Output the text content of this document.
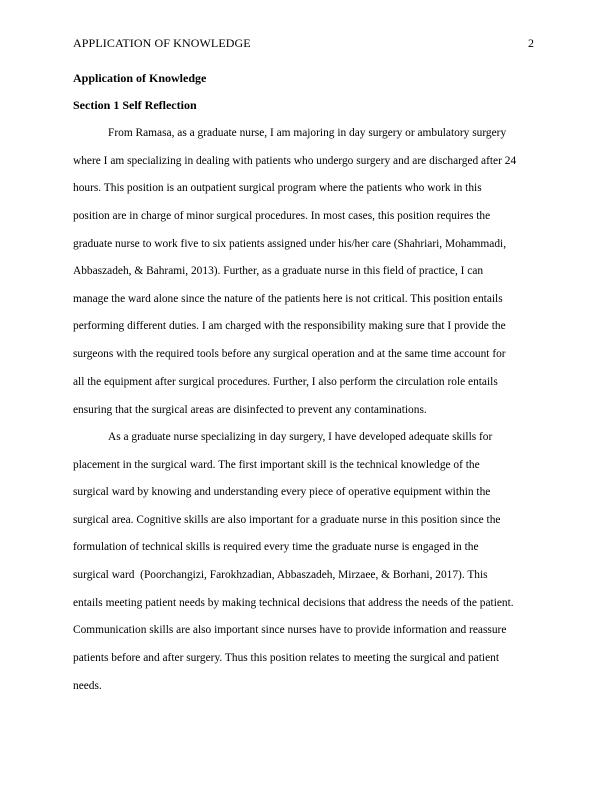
APPLICATION OF KNOWLEDGE	2
Application of Knowledge
Section 1 Self Reflection

From Ramasa, as a graduate nurse, I am majoring in day surgery or ambulatory surgery

where I am specializing in dealing with patients who undergo surgery and are discharged after 24

hours. This position is an outpatient surgical program where the patients who work in this

position are in charge of minor surgical procedures. In most cases, this position requires the

graduate nurse to work five to six patients assigned under his/her care (Shahriari, Mohammadi,

Abbaszadeh, & Bahrami, 2013). Further, as a graduate nurse in this field of practice, I can

manage the ward alone since the nature of the patients here is not critical. This position entails

performing different duties. I am charged with the responsibility making sure that I provide the

surgeons with the required tools before any surgical operation and at the same time account for

all the equipment after surgical procedures. Further, I also perform the circulation role entails

ensuring that the surgical areas are disinfected to prevent any contaminations.

As a graduate nurse specializing in day surgery, I have developed adequate skills for

placement in the surgical ward. The first important skill is the technical knowledge of the

surgical ward by knowing and understanding every piece of operative equipment within the

surgical area. Cognitive skills are also important for a graduate nurse in this position since the

formulation of technical skills is required every time the graduate nurse is engaged in the

surgical ward  (Poorchangizi, Farokhzadian, Abbaszadeh, Mirzaee, & Borhani, 2017). This

entails meeting patient needs by making technical decisions that address the needs of the patient.

Communication skills are also important since nurses have to provide information and reassure

patients before and after surgery. Thus this position relates to meeting the surgical and patient

needs.
